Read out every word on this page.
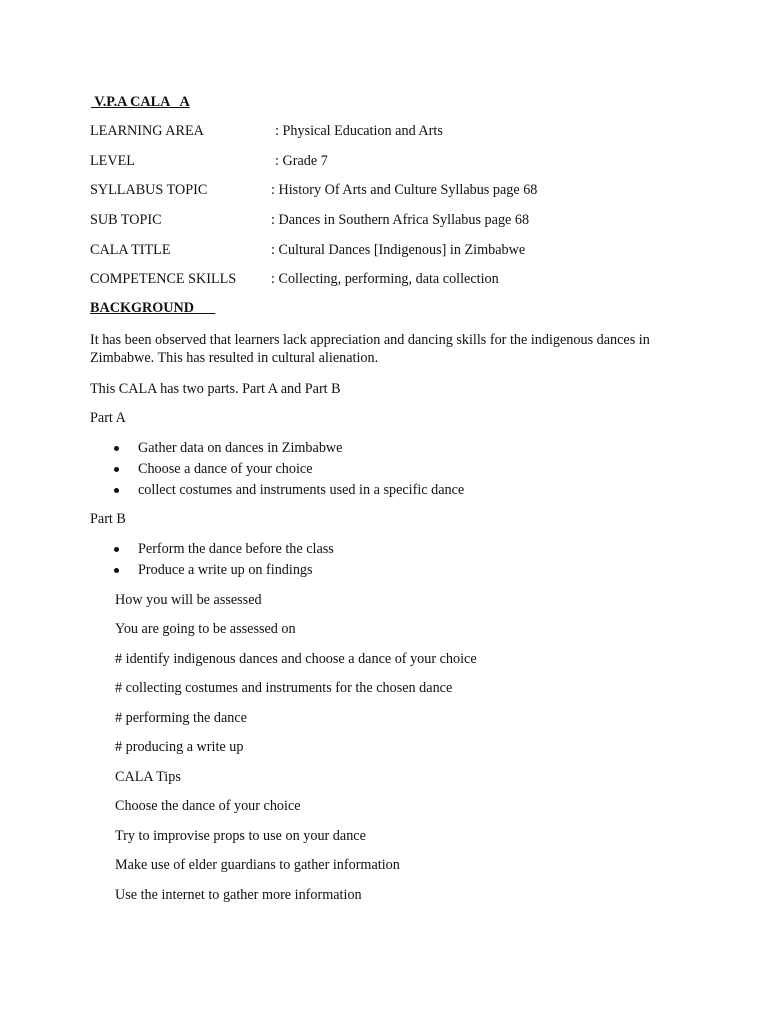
V.P.A CALA   A
LEARNING AREA	: Physical Education and Arts
LEVEL	: Grade 7
SYLLABUS TOPIC	: History Of Arts and Culture Syllabus page 68
SUB TOPIC	: Dances in Southern Africa Syllabus page 68
CALA TITLE	: Cultural Dances [Indigenous] in Zimbabwe
COMPETENCE SKILLS : Collecting, performing, data collection
BACKGROUND
It has been observed that learners lack appreciation and dancing skills for the indigenous dances in Zimbabwe. This has resulted in cultural alienation.
This CALA has two parts. Part A and Part B
Part A
Gather data on dances in Zimbabwe
Choose a dance of your choice
collect costumes and instruments used in a specific dance
Part B
Perform the dance before the class
Produce a write up on findings
How you will be assessed
You are going to be assessed on
# identify indigenous dances and choose a dance of your choice
# collecting costumes and instruments for the chosen dance
# performing the dance
# producing a write up
CALA Tips
Choose the dance of your choice
Try to improvise props to use on your dance
Make use of elder guardians to gather information
Use the internet to gather more information
